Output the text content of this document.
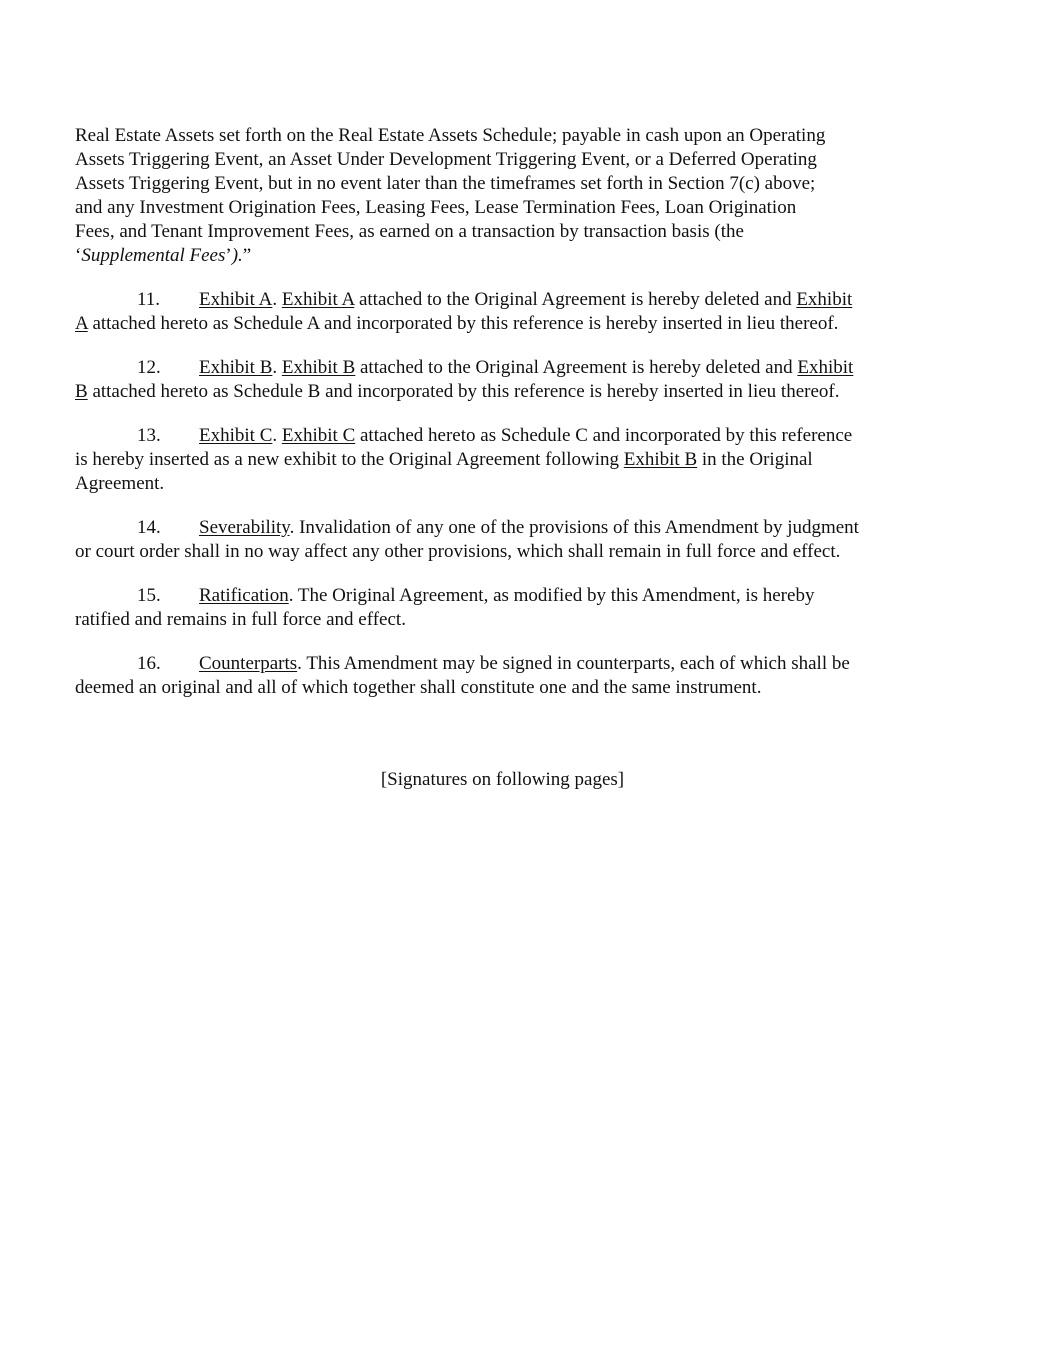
Real Estate Assets set forth on the Real Estate Assets Schedule; payable in cash upon an Operating
Assets Triggering Event, an Asset Under Development Triggering Event, or a Deferred Operating
Assets Triggering Event, but in no event later than the timeframes set forth in Section 7(c) above;
and any Investment Origination Fees, Leasing Fees, Lease Termination Fees, Loan Origination
Fees, and Tenant Improvement Fees, as earned on a transaction by transaction basis (the
‘Supplemental Fees’).”
11. Exhibit A. Exhibit A attached to the Original Agreement is hereby deleted and Exhibit
A attached hereto as Schedule A and incorporated by this reference is hereby inserted in lieu thereof.
12. Exhibit B. Exhibit B attached to the Original Agreement is hereby deleted and Exhibit
B attached hereto as Schedule B and incorporated by this reference is hereby inserted in lieu thereof.
13. Exhibit C. Exhibit C attached hereto as Schedule C and incorporated by this reference
is hereby inserted as a new exhibit to the Original Agreement following Exhibit B in the Original
Agreement.
14. Severability. Invalidation of any one of the provisions of this Amendment by judgment
or court order shall in no way affect any other provisions, which shall remain in full force and effect.
15. Ratification. The Original Agreement, as modified by this Amendment, is hereby
ratified and remains in full force and effect.
16. Counterparts. This Amendment may be signed in counterparts, each of which shall be
deemed an original and all of which together shall constitute one and the same instrument.
[Signatures on following pages]
